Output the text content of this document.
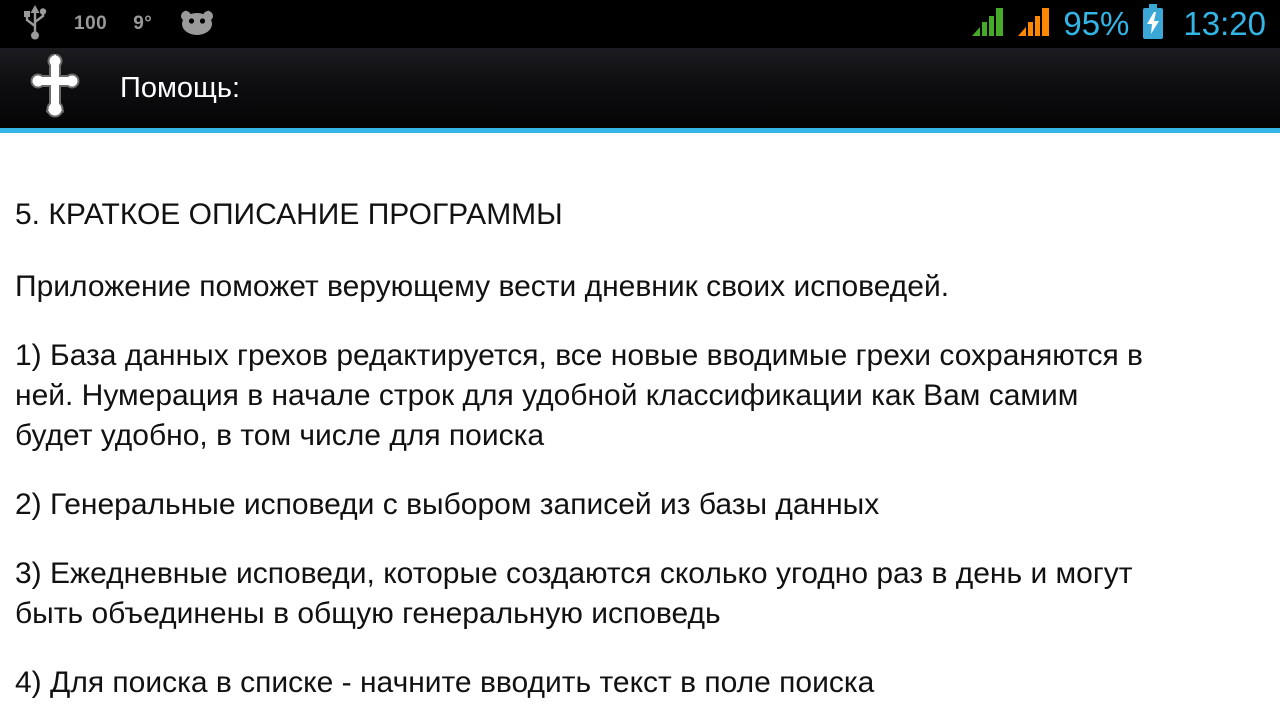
100 9°	95% 13:20
Помощь:
5. КРАТКОЕ ОПИСАНИЕ ПРОГРАММЫ
Приложение поможет верующему вести дневник своих исповедей.
1) База данных грехов редактируется, все новые вводимые грехи сохраняются в
ней. Нумерация в начале строк для удобной классификации как Вам самим
будет удобно, в том числе для поиска
2) Генеральные исповеди с выбором записей из базы данных
3) Ежедневные исповеди, которые создаются сколько угодно раз в день и могут
быть объединены в общую генеральную исповедь
4) Для поиска в списке - начните вводить текст в поле поиска
